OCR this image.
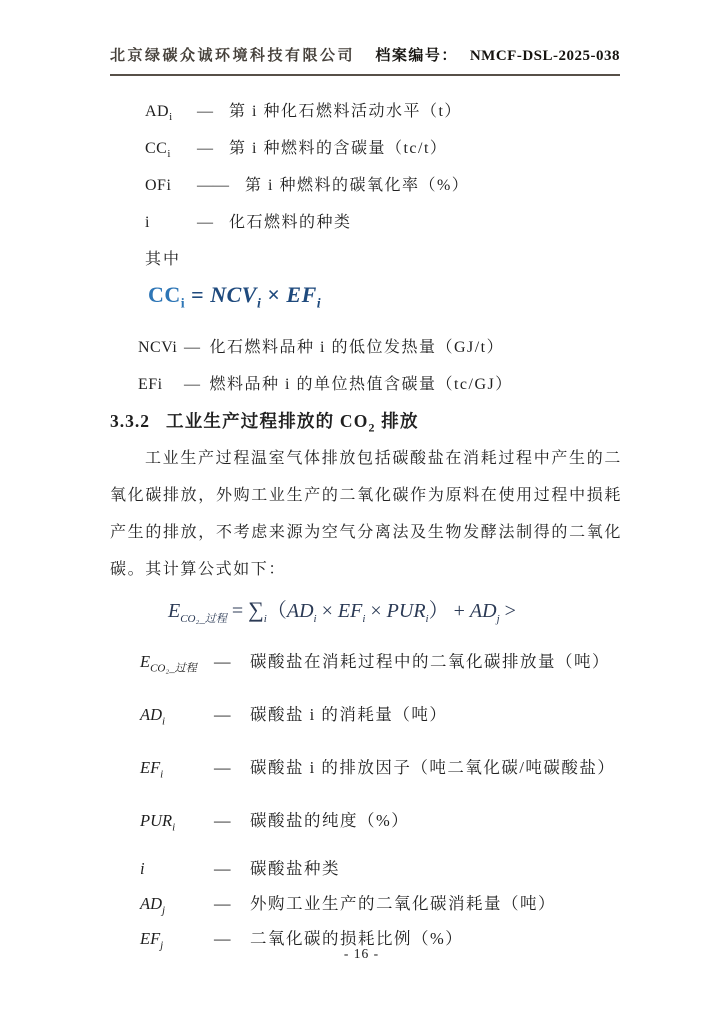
北京绿碳众诚环境科技有限公司 档案编号： NMCF-DSL-2025-038
$AD_i$	— 第 i 种化石燃料活动水平（t）
$CC_i$	— 第 i 种燃料的含碳量（tc/t）
OFi	—— 第 i 种燃料的碳氧化率（%）
i	— 化石燃料的种类
其中
$CC_i = NCV_i \times EF_i$
NCVi — 化石燃料品种 i 的低位发热量（GJ/t）
EFi	— 燃料品种 i 的单位热值含碳量（tc/GJ）
3.3.2 工业生产过程排放的 $CO_2$ 排放
工业生产过程温室气体排放包括碳酸盐在消耗过程中产生的二氧化碳排放，外购工业生产的二氧化碳作为原料在使用过程中损耗产生的排放，不考虑来源为空气分离法及生物发酵法制得的二氧化碳。其计算公式如下：
$E_{CO_2\_过程} = \sum_i(AD_i \times EF_i \times PUR_i) + AD_j$ >
$E_{CO_2\_过程}$	—	碳酸盐在消耗过程中的二氧化碳排放量（吨）
$AD_i$	—	碳酸盐 i 的消耗量（吨）
$EF_i$	—	碳酸盐 i 的排放因子（吨二氧化碳/吨碳酸盐）
$PUR_i$	—	碳酸盐的纯度（%）
i	—	碳酸盐种类
$AD_j$	—	外购工业生产的二氧化碳消耗量（吨）
$EF_j$	—	二氧化碳的损耗比例（%）
- 16 -
